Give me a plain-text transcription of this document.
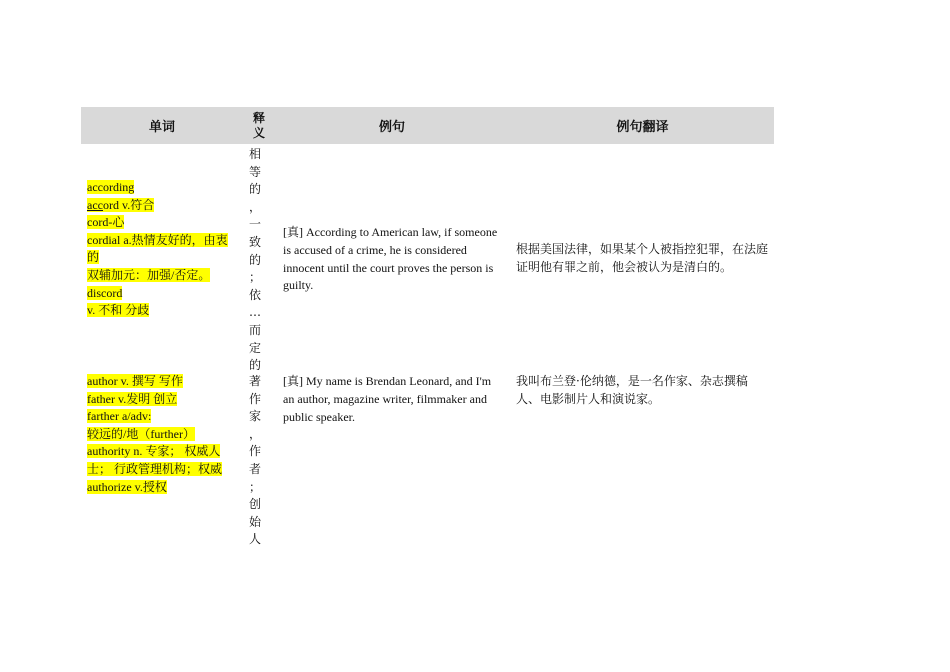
单词
释
义	例句	例句翻译
according
accord v.符合
cord-心
cordial a.热情友好的，由衷的
双辅加元：加强/否定。
discord
v. 不和 分歧
相
等
的
，
一
致
的
；
依
…
而
定
的
[真] According to American law, if someone is accused of a crime, he is considered innocent until the court proves the person is guilty.
根据美国法律，如果某个人被指控犯罪，在法庭证明他有罪之前，他会被认为是清白的。
author v. 撰写 写作
father v.发明 创立
farther a/adv:
较远的/地（further）
authority n. 专家； 权威人士； 行政管理机构；权威
authorize v.授权
著
作
家
，
作
者
；
创
始
人
[真] My name is Brendan Leonard, and I'm an author, magazine writer, filmmaker and public speaker.
我叫布兰登·伦纳德，是一名作家、杂志撰稿人、电影制片人和演说家。
